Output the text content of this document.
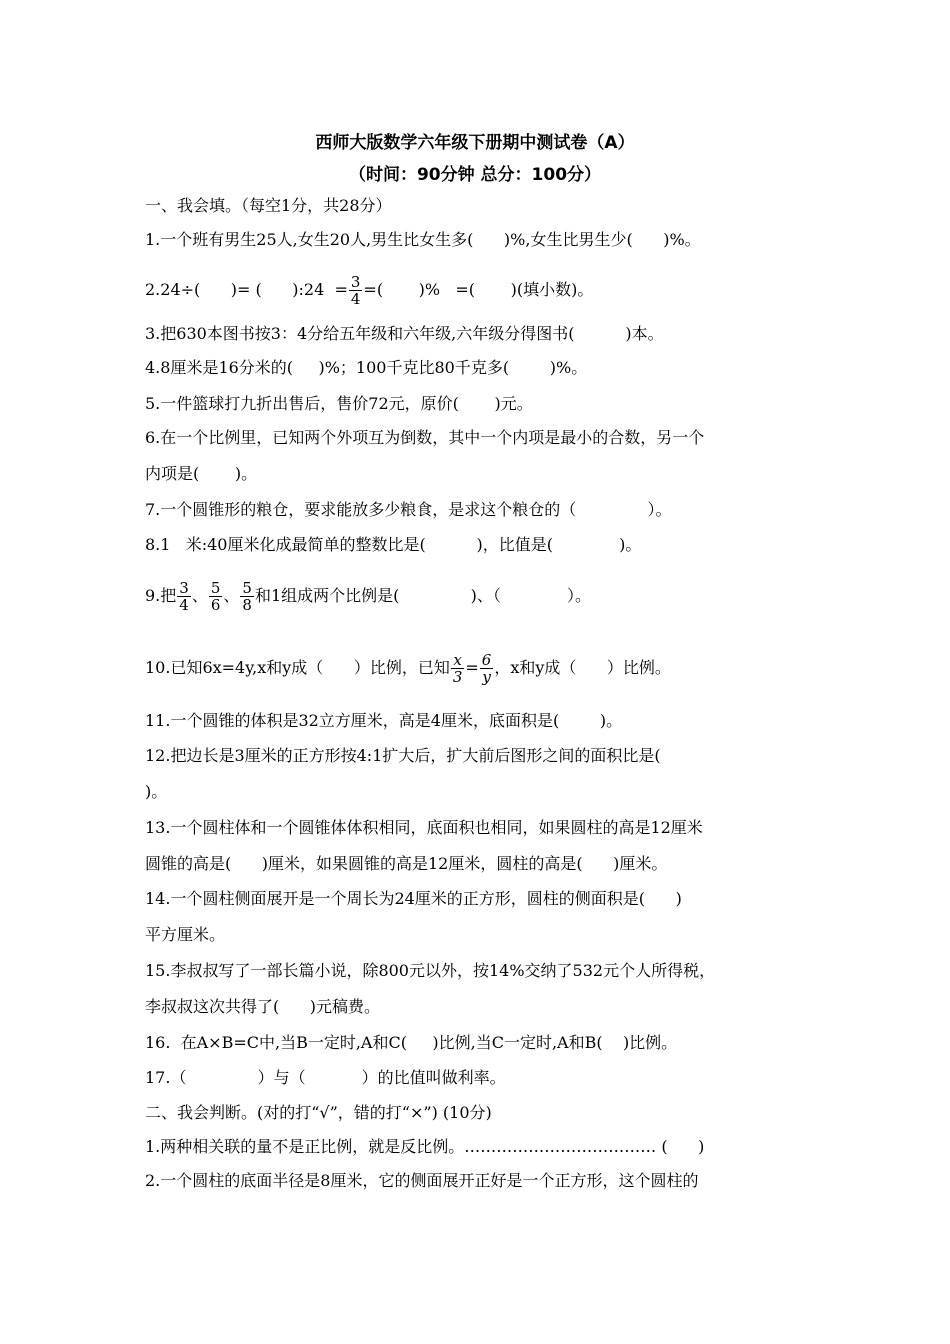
西师大版数学六年级下册期中测试卷（A）
（时间：90分钟 总分：100分）
一、我会填。（每空1分，共28分）
1.一个班有男生25人,女生20人,男生比女生多(      )%,女生比男生少(      )%。
2.24÷(      )= (      ):24  = $\frac{3}{4}$ =(       )%   =(       )(填小数)。
3.把630本图书按3：4分给五年级和六年级,六年级分得图书(          )本。
4.8厘米是16分米的(     )%；100千克比80千克多(        )%。
5.一件篮球打九折出售后，售价72元，原价(       )元。
6.在一个比例里，已知两个外项互为倒数，其中一个内项是最小的合数，另一个
内项是(       )。
7.一个圆锥形的粮仓，要求能放多少粮食，是求这个粮仓的（              ）。
8.1   米:40厘米化成最简单的整数比是(          )，比值是(             )。
9.把 $\frac{3}{4}$ 、 $\frac{5}{6}$ 、 $\frac{5}{8}$ 和1组成两个比例是(              )、（             ）。
10.已知6x=4y,x和y成（      ）比例，已知 $\frac{x}{3} = \frac{6}{y}$ ，x和y成（      ）比例。
11.一个圆锥的体积是32立方厘米，高是4厘米，底面积是(        )。
12.把边长是3厘米的正方形按4:1扩大后，扩大前后图形之间的面积比是(
)。
13.一个圆柱体和一个圆锥体体积相同，底面积也相同，如果圆柱的高是12厘米
圆锥的高是(      )厘米，如果圆锥的高是12厘米，圆柱的高是(      )厘米。
14.一个圆柱侧面展开是一个周长为24厘米的正方形，圆柱的侧面积是(      )
平方厘米。
15.李叔叔写了一部长篇小说，除800元以外，按14%交纳了532元个人所得税，
李叔叔这次共得了(      )元稿费。
16.  在A×B=C中,当B一定时,A和C(     )比例,当C一定时,A和B(    )比例。
17.（              ）与（           ）的比值叫做利率。
二、我会判断。(对的打“√”，错的打“×”) (10分)
1.两种相关联的量不是正比例，就是反比例。……………………………… (      )
2.一个圆柱的底面半径是8厘米，它的侧面展开正好是一个正方形，这个圆柱的
